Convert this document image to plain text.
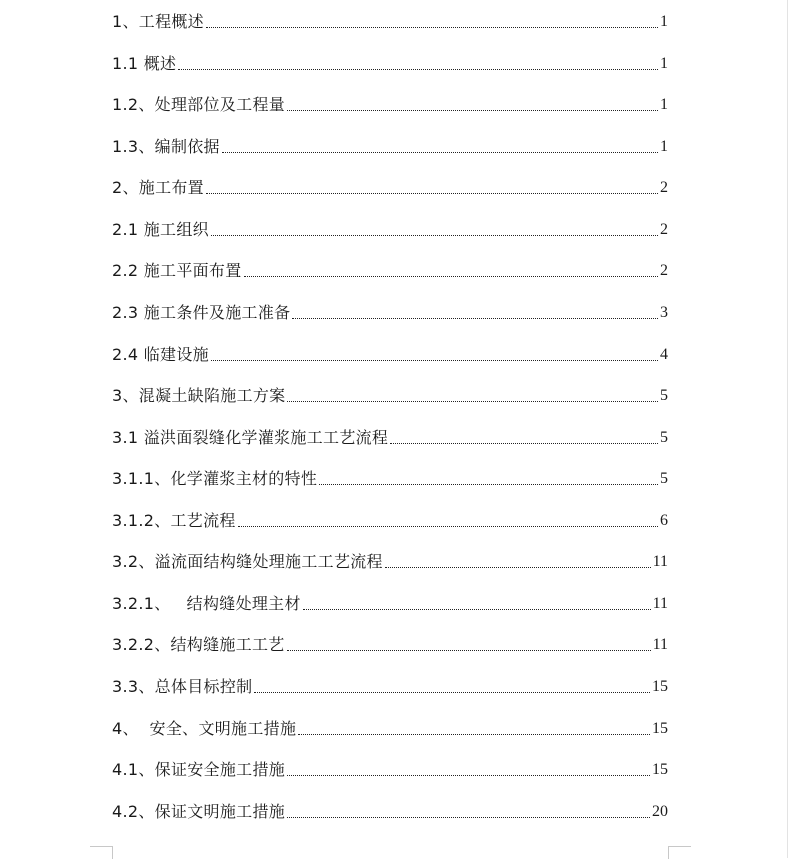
1、工程概述	1
1.1 概述	1
1.2、处理部位及工程量	1
1.3、编制依据	1
2、施工布置	2
2.1 施工组织	2
2.2 施工平面布置	2
2.3 施工条件及施工准备	3
2.4 临建设施	4
3、混凝土缺陷施工方案	5
3.1 溢洪面裂缝化学灌浆施工工艺流程	5
3.1.1、化学灌浆主材的特性	5
3.1.2、工艺流程	6
3.2、溢流面结构缝处理施工工艺流程	11
3.2.1、   结构缝处理主材	11
3.2.2、结构缝施工工艺	11
3.3、总体目标控制	15
4、  安全、文明施工措施	15
4.1、保证安全施工措施	15
4.2、保证文明施工措施	20
